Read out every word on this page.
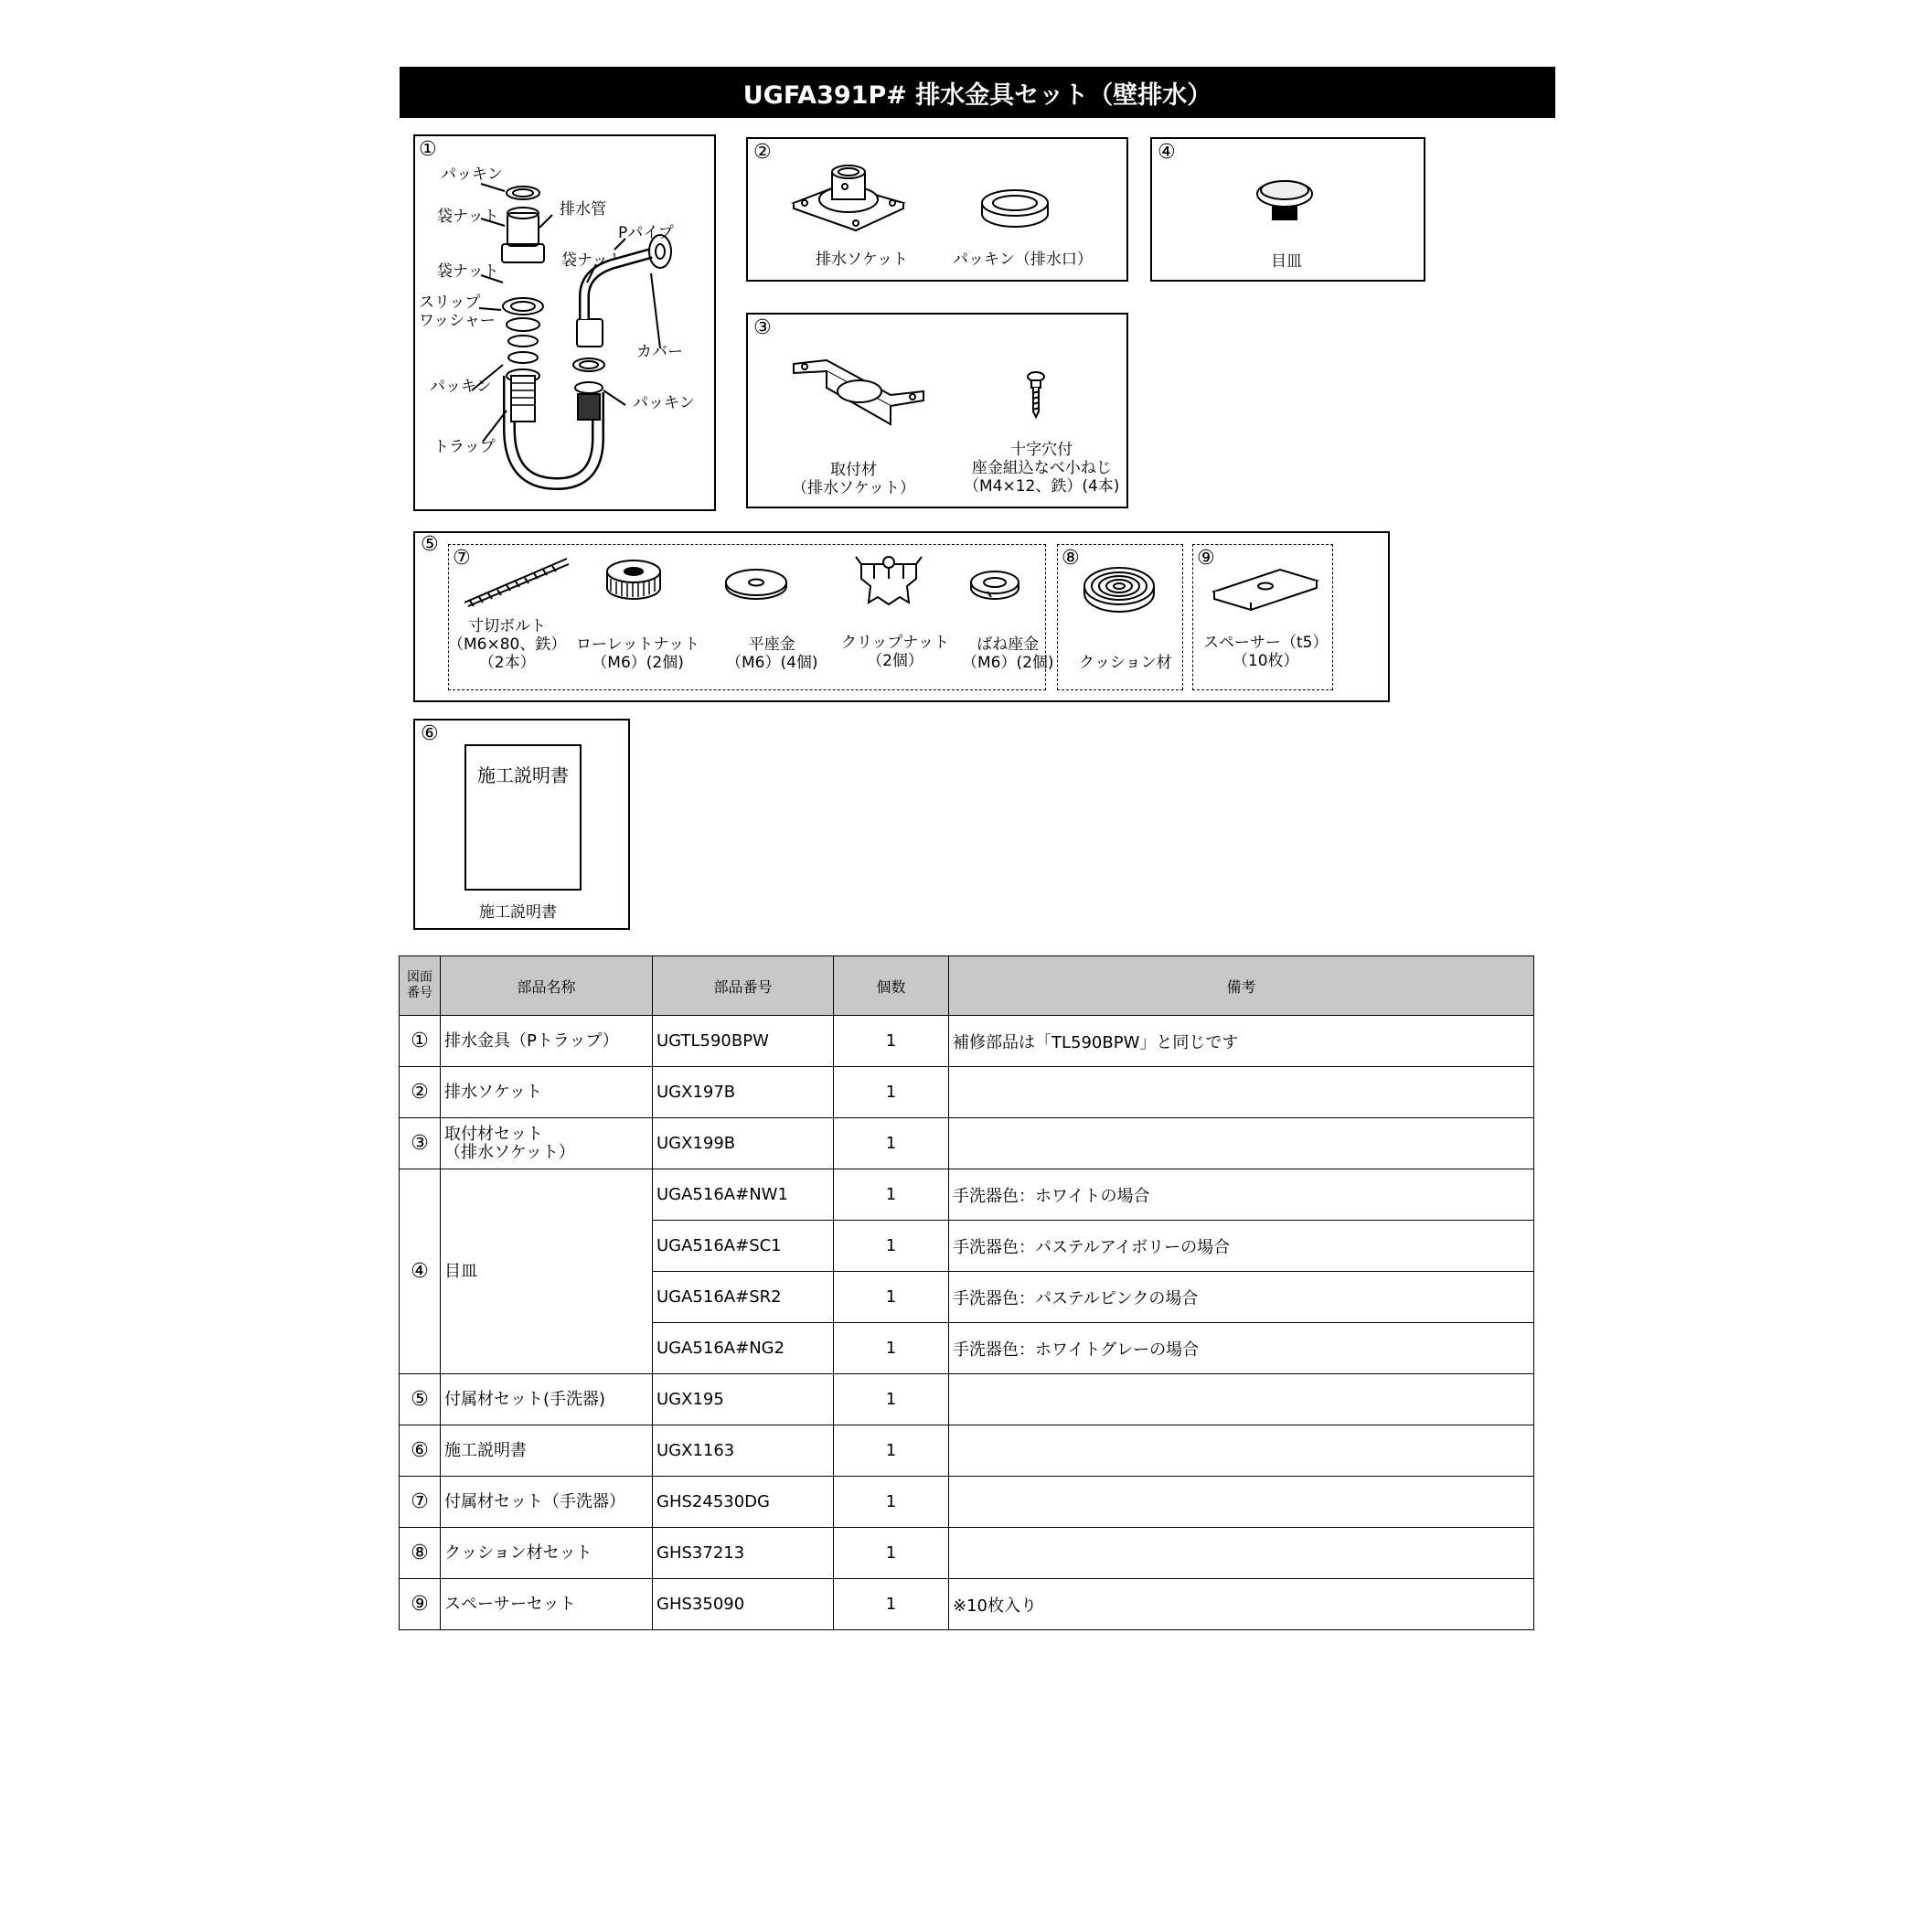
UGFA391P# 排水金具セット（壁排水）
①
パッキン
袋ナット	排水管
Pパイプ
袋ナット
袋ナット
スリップ
ワッシャー
カバー
パッキン
パッキン
トラップ
②
排水ソケット	パッキン（排水口）
④
目皿
③
取付材
（排水ソケット）
十字穴付
座金組込なべ小ねじ
（M4×12、鉄）(4本)
⑤
⑦	⑧	⑨
寸切ボルト
（M6×80、鉄）
（2本）
ローレットナット
（M6）(2個)
平座金
（M6）(4個)
クリップナット
（2個）
ばね座金
（M6）(2個) クッション材
スペーサー（t5）
（10枚）
⑥
施工説明書
施工説明書
図面
番号	部品名称	部品番号	個数	備考
①	排水金具（Pトラップ）	UGTL590BPW	1	補修部品は「TL590BPW」と同じです
②	排水ソケット	UGX197B	1	
③	取付材セット
（排水ソケット）	UGX199B	1	
④	目皿	UGA516A#NW1	1	手洗器色：ホワイトの場合
		UGA516A#SC1	1	手洗器色：パステルアイボリーの場合
		UGA516A#SR2	1	手洗器色：パステルピンクの場合
		UGA516A#NG2	1	手洗器色：ホワイトグレーの場合
⑤	付属材セット(手洗器)	UGX195	1	
⑥	施工説明書	UGX1163	1	
⑦	付属材セット（手洗器）	GHS24530DG	1	
⑧	クッション材セット	GHS37213	1	
⑨	スペーサーセット	GHS35090	1	※10枚入り
